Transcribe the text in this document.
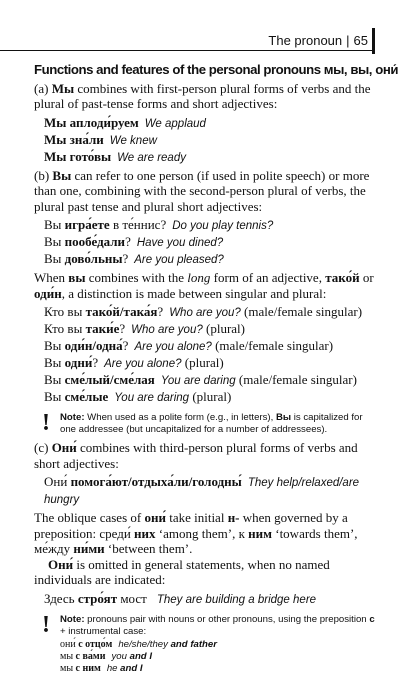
The pronoun | 65
Functions and features of the personal pronouns мы, вы, они́

(a) Мы combines with first-person plural forms of verbs and the plural of past-tense forms and short adjectives:

Мы аплоди́руем We applaud
Мы зна́ли We knew
Мы гото́вы We are ready

(b) Вы can refer to one person (if used in polite speech) or more than one, combining with the second-person plural of verbs, the plural past tense and plural short adjectives:

Вы игра́ете в те́ннис? Do you play tennis?
Вы пообе́дали? Have you dined?
Вы дово́льны? Are you pleased?

When вы combines with the long form of an adjective, тако́й or оди́н, a distinction is made between singular and plural:

Кто вы тако́й/така́я? Who are you? (male/female singular)
Кто вы таки́е? Who are you? (plural)
Вы оди́н/одна́? Are you alone? (male/female singular)
Вы одни́? Are you alone? (plural)
Вы сме́лый/сме́лая You are daring (male/female singular)
Вы сме́лые You are daring (plural)
! Note: When used as a polite form (e.g., in letters), Вы is capitalized for one addressee (but uncapitalized for a number of addressees).

(c) Они́ combines with third-person plural forms of verbs and short adjectives:

Они́ помога́ют/отдыха́ли/голодны́ They help/relaxed/are hungry

The oblique cases of они́ take initial н- when governed by a preposition: среди́ них ‘among them’, к ним ‘towards them’, ме́жду ни́ми ‘between them’.

Они́ is omitted in general statements, when no named individuals are indicated:

Здесь стро́ят мост They are building a bridge here
! Note: pronouns pair with nouns or other pronouns, using the preposition с + instrumental case:
они́ с отцо́м he/she/they and father
мы с ва́ми you and I
мы с ним he and I
